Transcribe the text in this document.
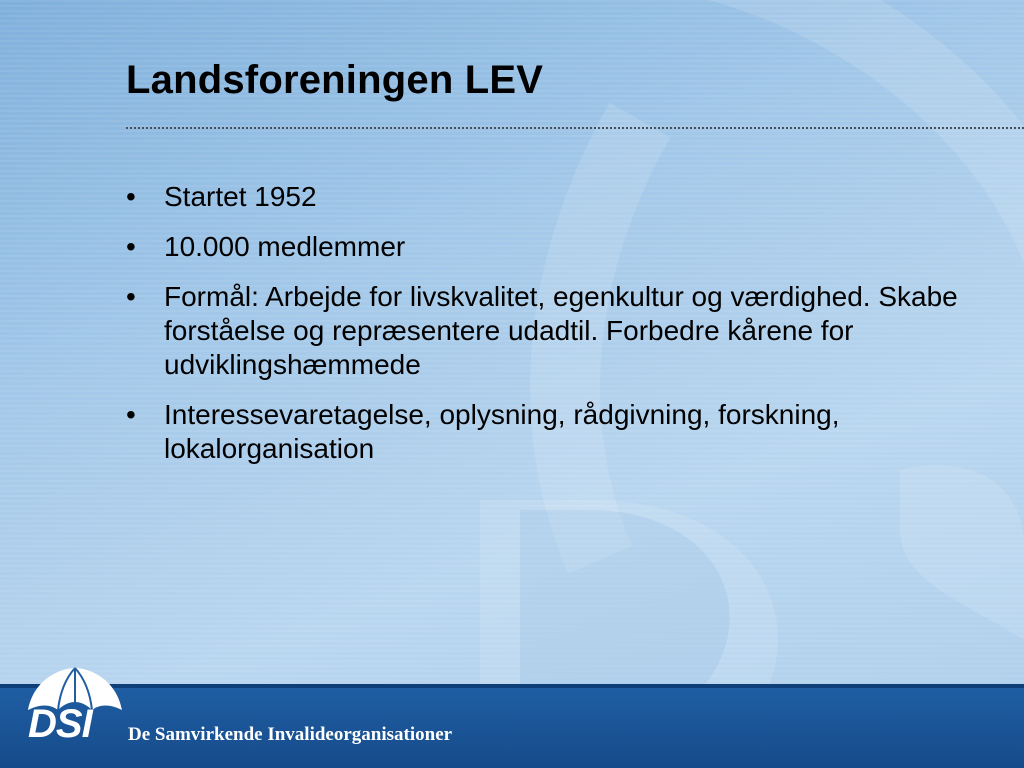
Landsforeningen LEV
• Startet 1952
• 10.000 medlemmer
• Formål: Arbejde for livskvalitet, egenkultur og værdighed. Skabe forståelse og repræsentere udadtil. Forbedre kårene for udviklingshæmmede
• Interessevaretagelse, oplysning, rådgivning, forskning, lokalorganisation
DSI De Samvirkende Invalideorganisationer
